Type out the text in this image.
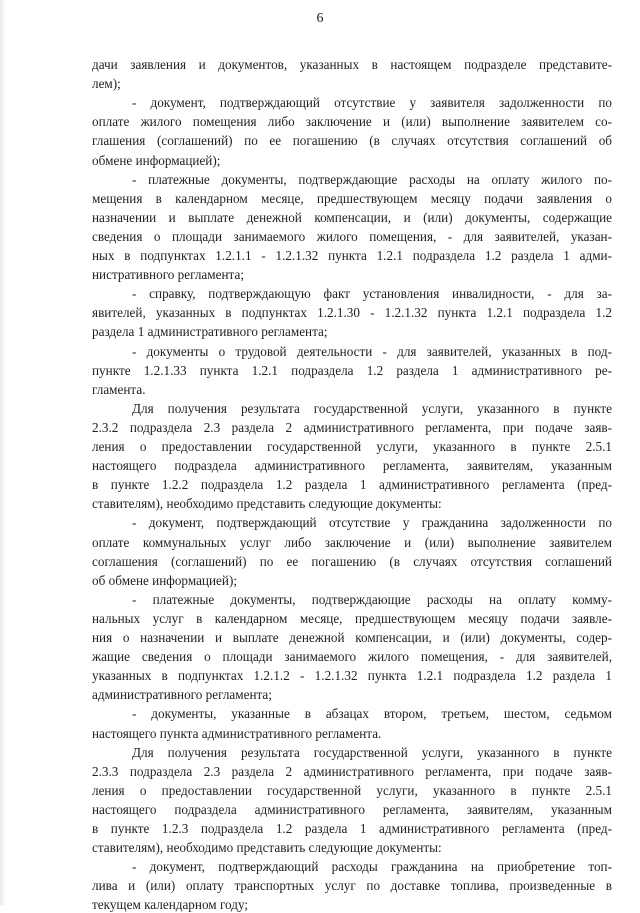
6
дачи заявления и документов, указанных в настоящем подразделе представите-
лем);
- документ, подтверждающий отсутствие у заявителя задолженности по
оплате жилого помещения либо заключение и (или) выполнение заявителем со-
глашения (соглашений) по ее погашению (в случаях отсутствия соглашений об
обмене информацией);
- платежные документы, подтверждающие расходы на оплату жилого по-
мещения в календарном месяце, предшествующем месяцу подачи заявления о
назначении и выплате денежной компенсации, и (или) документы, содержащие
сведения о площади занимаемого жилого помещения, - для заявителей, указан-
ных в подпунктах 1.2.1.1 - 1.2.1.32 пункта 1.2.1 подраздела 1.2 раздела 1 адми-
нистративного регламента;
- справку, подтверждающую факт установления инвалидности, - для за-
явителей, указанных в подпунктах 1.2.1.30 - 1.2.1.32 пункта 1.2.1 подраздела 1.2
раздела 1 административного регламента;
- документы о трудовой деятельности - для заявителей, указанных в под-
пункте 1.2.1.33 пункта 1.2.1 подраздела 1.2 раздела 1 административного ре-
гламента.
Для получения результата государственной услуги, указанного в пункте
2.3.2 подраздела 2.3 раздела 2 административного регламента, при подаче заяв-
ления о предоставлении государственной услуги, указанного в пункте 2.5.1
настоящего подраздела административного регламента, заявителям, указанным
в пункте 1.2.2 подраздела 1.2 раздела 1 административного регламента (пред-
ставителям), необходимо представить следующие документы:
- документ, подтверждающий отсутствие у гражданина задолженности по
оплате коммунальных услуг либо заключение и (или) выполнение заявителем
соглашения (соглашений) по ее погашению (в случаях отсутствия соглашений
об обмене информацией);
- платежные документы, подтверждающие расходы на оплату комму-
нальных услуг в календарном месяце, предшествующем месяцу подачи заявле-
ния о назначении и выплате денежной компенсации, и (или) документы, содер-
жащие сведения о площади занимаемого жилого помещения, - для заявителей,
указанных в подпунктах 1.2.1.2 - 1.2.1.32 пункта 1.2.1 подраздела 1.2 раздела 1
административного регламента;
- документы, указанные в абзацах втором, третьем, шестом, седьмом
настоящего пункта административного регламента.
Для получения результата государственной услуги, указанного в пункте
2.3.3 подраздела 2.3 раздела 2 административного регламента, при подаче заяв-
ления о предоставлении государственной услуги, указанного в пункте 2.5.1
настоящего подраздела административного регламента, заявителям, указанным
в пункте 1.2.3 подраздела 1.2 раздела 1 административного регламента (пред-
ставителям), необходимо представить следующие документы:
- документ, подтверждающий расходы гражданина на приобретение топ-
лива и (или) оплату транспортных услуг по доставке топлива, произведенные в
текущем календарном году;
